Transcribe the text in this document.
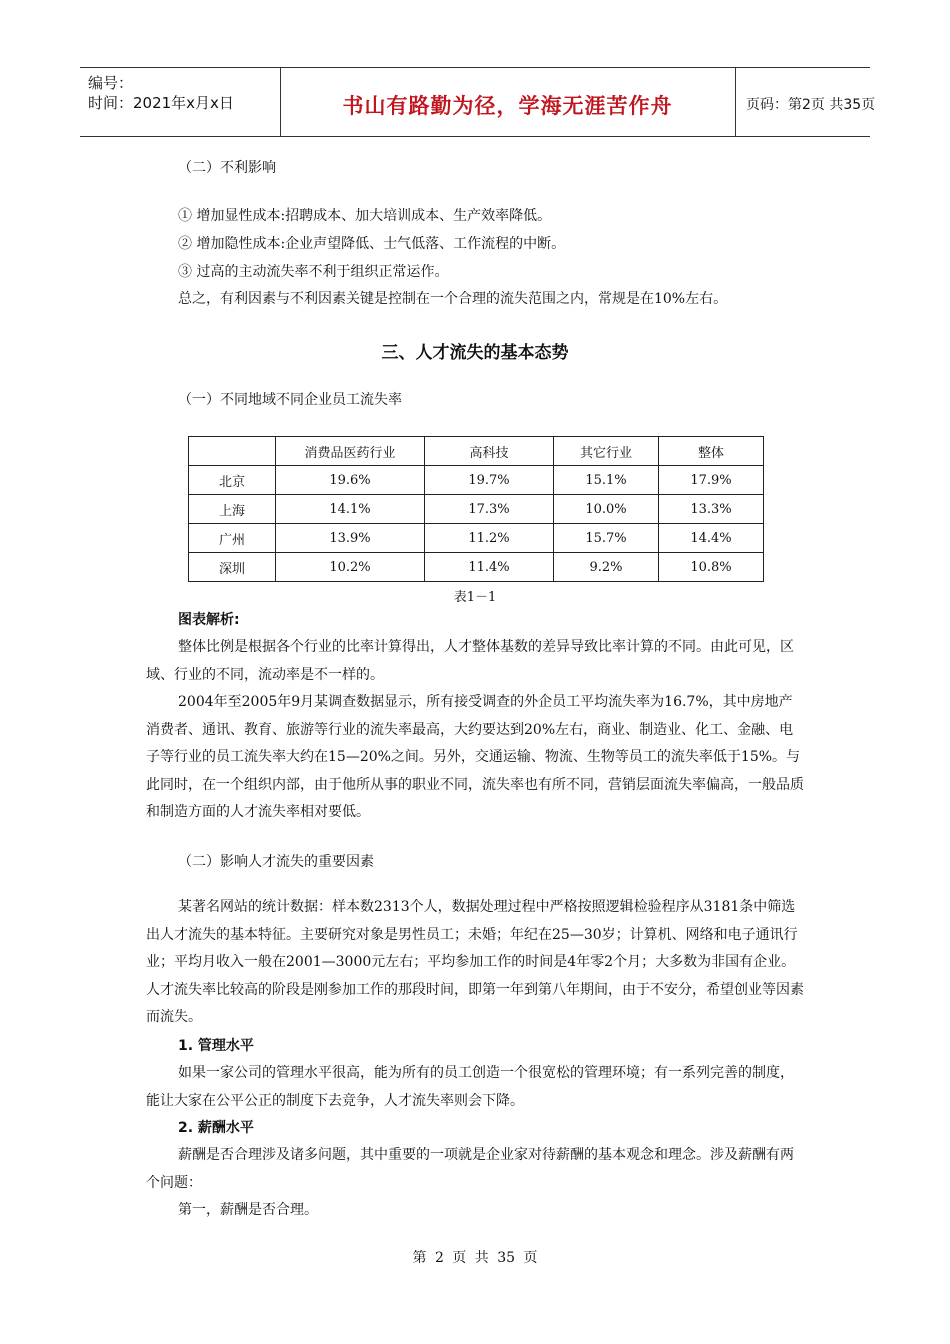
编号：
时间：2021年x月x日	书山有路勤为径，学海无涯苦作舟	页码：第2页 共35页
（二）不利影响
① 增加显性成本:招聘成本、加大培训成本、生产效率降低。
② 增加隐性成本:企业声望降低、士气低落、工作流程的中断。
③ 过高的主动流失率不利于组织正常运作。
总之，有利因素与不利因素关键是控制在一个合理的流失范围之内，常规是在10%左右。
三、人才流失的基本态势
（一）不同地域不同企业员工流失率
	消费品医药行业	高科技	其它行业	整体
北京	19.6%	19.7%	15.1%	17.9%
上海	14.1%	17.3%	10.0%	13.3%
广州	13.9%	11.2%	15.7%	14.4%
深圳	10.2%	11.4%	9.2%	10.8%
表1－1
图表解析:
整体比例是根据各个行业的比率计算得出，人才整体基数的差异导致比率计算的不同。由此可见，区域、行业的不同，流动率是不一样的。
2004年至2005年9月某调查数据显示，所有接受调查的外企员工平均流失率为16.7%，其中房地产消费者、通讯、教育、旅游等行业的流失率最高，大约要达到20%左右，商业、制造业、化工、金融、电子等行业的员工流失率大约在15—20%之间。另外，交通运输、物流、生物等员工的流失率低于15%。与此同时，在一个组织内部，由于他所从事的职业不同，流失率也有所不同，营销层面流失率偏高，一般品质和制造方面的人才流失率相对要低。
（二）影响人才流失的重要因素
某著名网站的统计数据：样本数2313个人，数据处理过程中严格按照逻辑检验程序从3181条中筛选出人才流失的基本特征。主要研究对象是男性员工；未婚；年纪在25—30岁；计算机、网络和电子通讯行业；平均月收入一般在2001—3000元左右；平均参加工作的时间是4年零2个月；大多数为非国有企业。人才流失率比较高的阶段是刚参加工作的那段时间，即第一年到第八年期间，由于不安分，希望创业等因素而流失。
1. 管理水平
如果一家公司的管理水平很高，能为所有的员工创造一个很宽松的管理环境；有一系列完善的制度，能让大家在公平公正的制度下去竞争，人才流失率则会下降。
2. 薪酬水平
薪酬是否合理涉及诸多问题，其中重要的一项就是企业家对待薪酬的基本观念和理念。涉及薪酬有两个问题：
第一，薪酬是否合理。
第 2 页 共 35 页
